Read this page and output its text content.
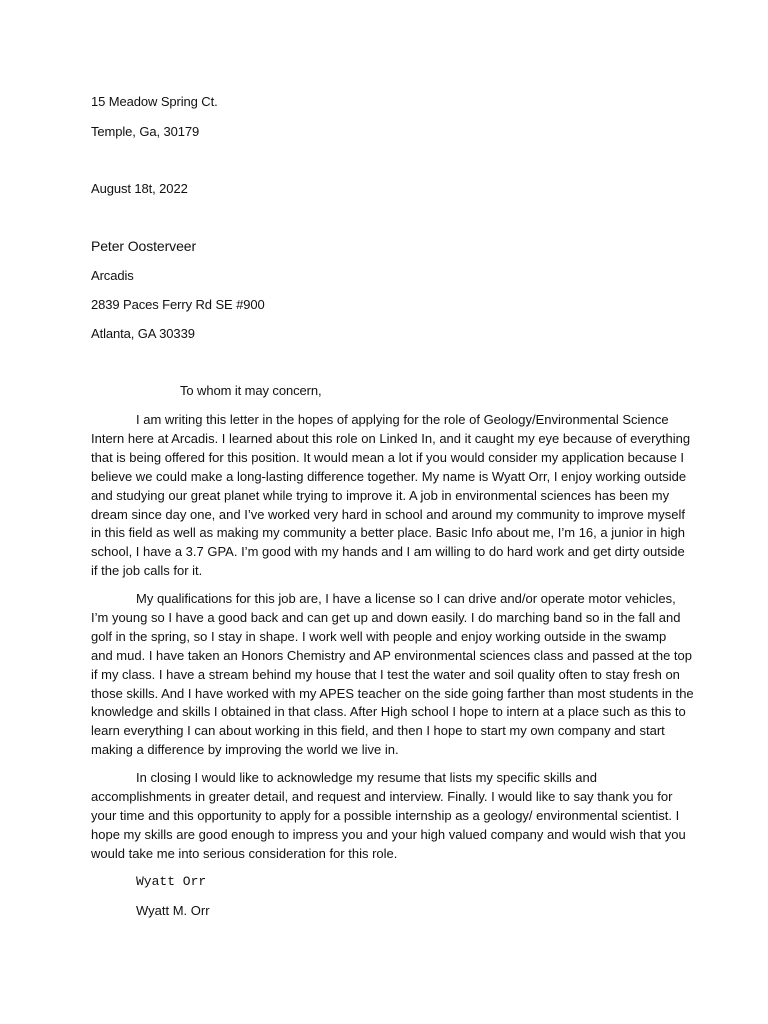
15 Meadow Spring Ct.
Temple, Ga, 30179
August 18t, 2022
Peter Oosterveer
Arcadis
2839 Paces Ferry Rd SE #900
Atlanta, GA 30339
To whom it may concern,
I am writing this letter in the hopes of applying for the role of Geology/Environmental Science
Intern here at Arcadis. I learned about this role on Linked In, and it caught my eye because of everything
that is being offered for this position. It would mean a lot if you would consider my application because I
believe we could make a long-lasting difference together. My name is Wyatt Orr, I enjoy working outside
and studying our great planet while trying to improve it. A job in environmental sciences has been my
dream since day one, and I’ve worked very hard in school and around my community to improve myself
in this field as well as making my community a better place. Basic Info about me, I’m 16, a junior in high
school, I have a 3.7 GPA. I’m good with my hands and I am willing to do hard work and get dirty outside
if the job calls for it.
My qualifications for this job are, I have a license so I can drive and/or operate motor vehicles,
I’m young so I have a good back and can get up and down easily. I do marching band so in the fall and
golf in the spring, so I stay in shape. I work well with people and enjoy working outside in the swamp
and mud. I have taken an Honors Chemistry and AP environmental sciences class and passed at the top
if my class. I have a stream behind my house that I test the water and soil quality often to stay fresh on
those skills. And I have worked with my APES teacher on the side going farther than most students in the
knowledge and skills I obtained in that class. After High school I hope to intern at a place such as this to
learn everything I can about working in this field, and then I hope to start my own company and start
making a difference by improving the world we live in.
In closing I would like to acknowledge my resume that lists my specific skills and
accomplishments in greater detail, and request and interview. Finally. I would like to say thank you for
your time and this opportunity to apply for a possible internship as a geology/ environmental scientist. I
hope my skills are good enough to impress you and your high valued company and would wish that you
would take me into serious consideration for this role.
Wyatt Orr
Wyatt M. Orr
